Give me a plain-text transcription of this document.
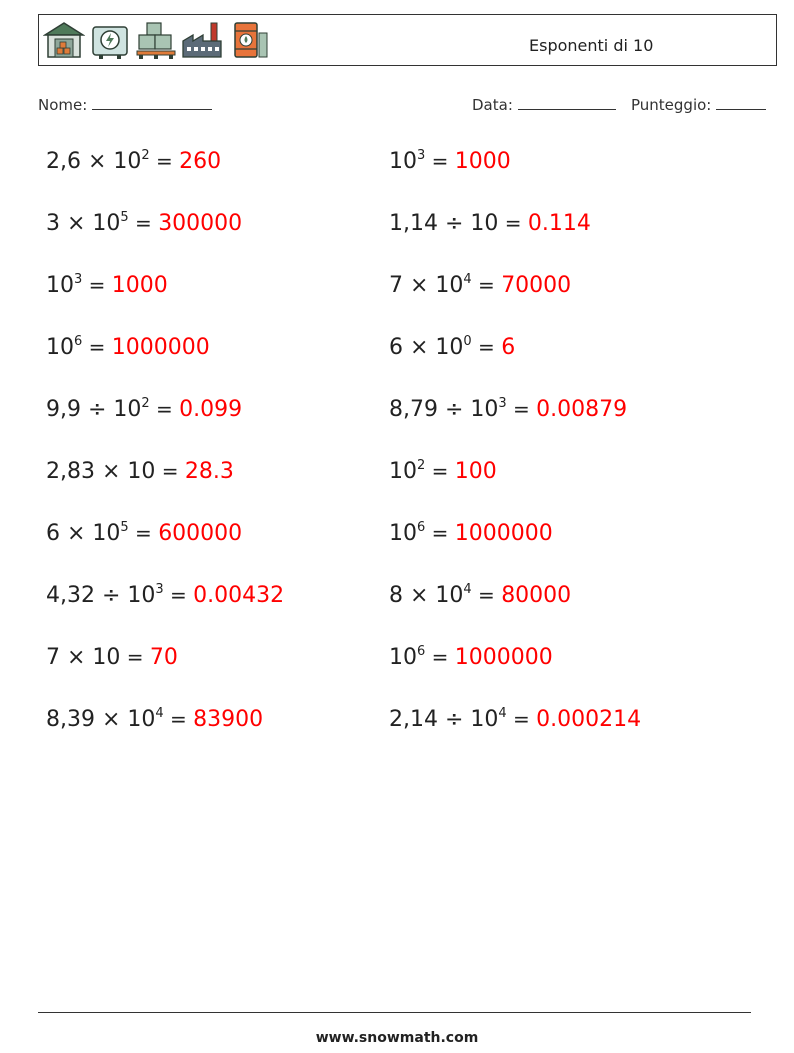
Esponenti di 10
Nome:	Data:	Punteggio:
$2,6 \times 10^2 = 260$	$10^3 = 1000$
$3 \times 10^5 = 300000$	1,14 ÷ 10 = 0.114
$10^3 = 1000$	$7 \times 10^4 = 70000$
$10^6 = 1000000$	$6 \times 10^0 = 6$
$9,9 \div 10^2 = 0.099$	$8,79 \div 10^3 = 0.00879$
2,83 × 10 = 28.3	$10^2 = 100$
$6 \times 10^5 = 600000$	$10^6 = 1000000$
$4,32 \div 10^3 = 0.00432$	$8 \times 10^4 = 80000$
7 × 10 = 70	$10^6 = 1000000$
$8,39 \times 10^4 = 83900$	$2,14 \div 10^4 = 0.000214$
www.snowmath.com
